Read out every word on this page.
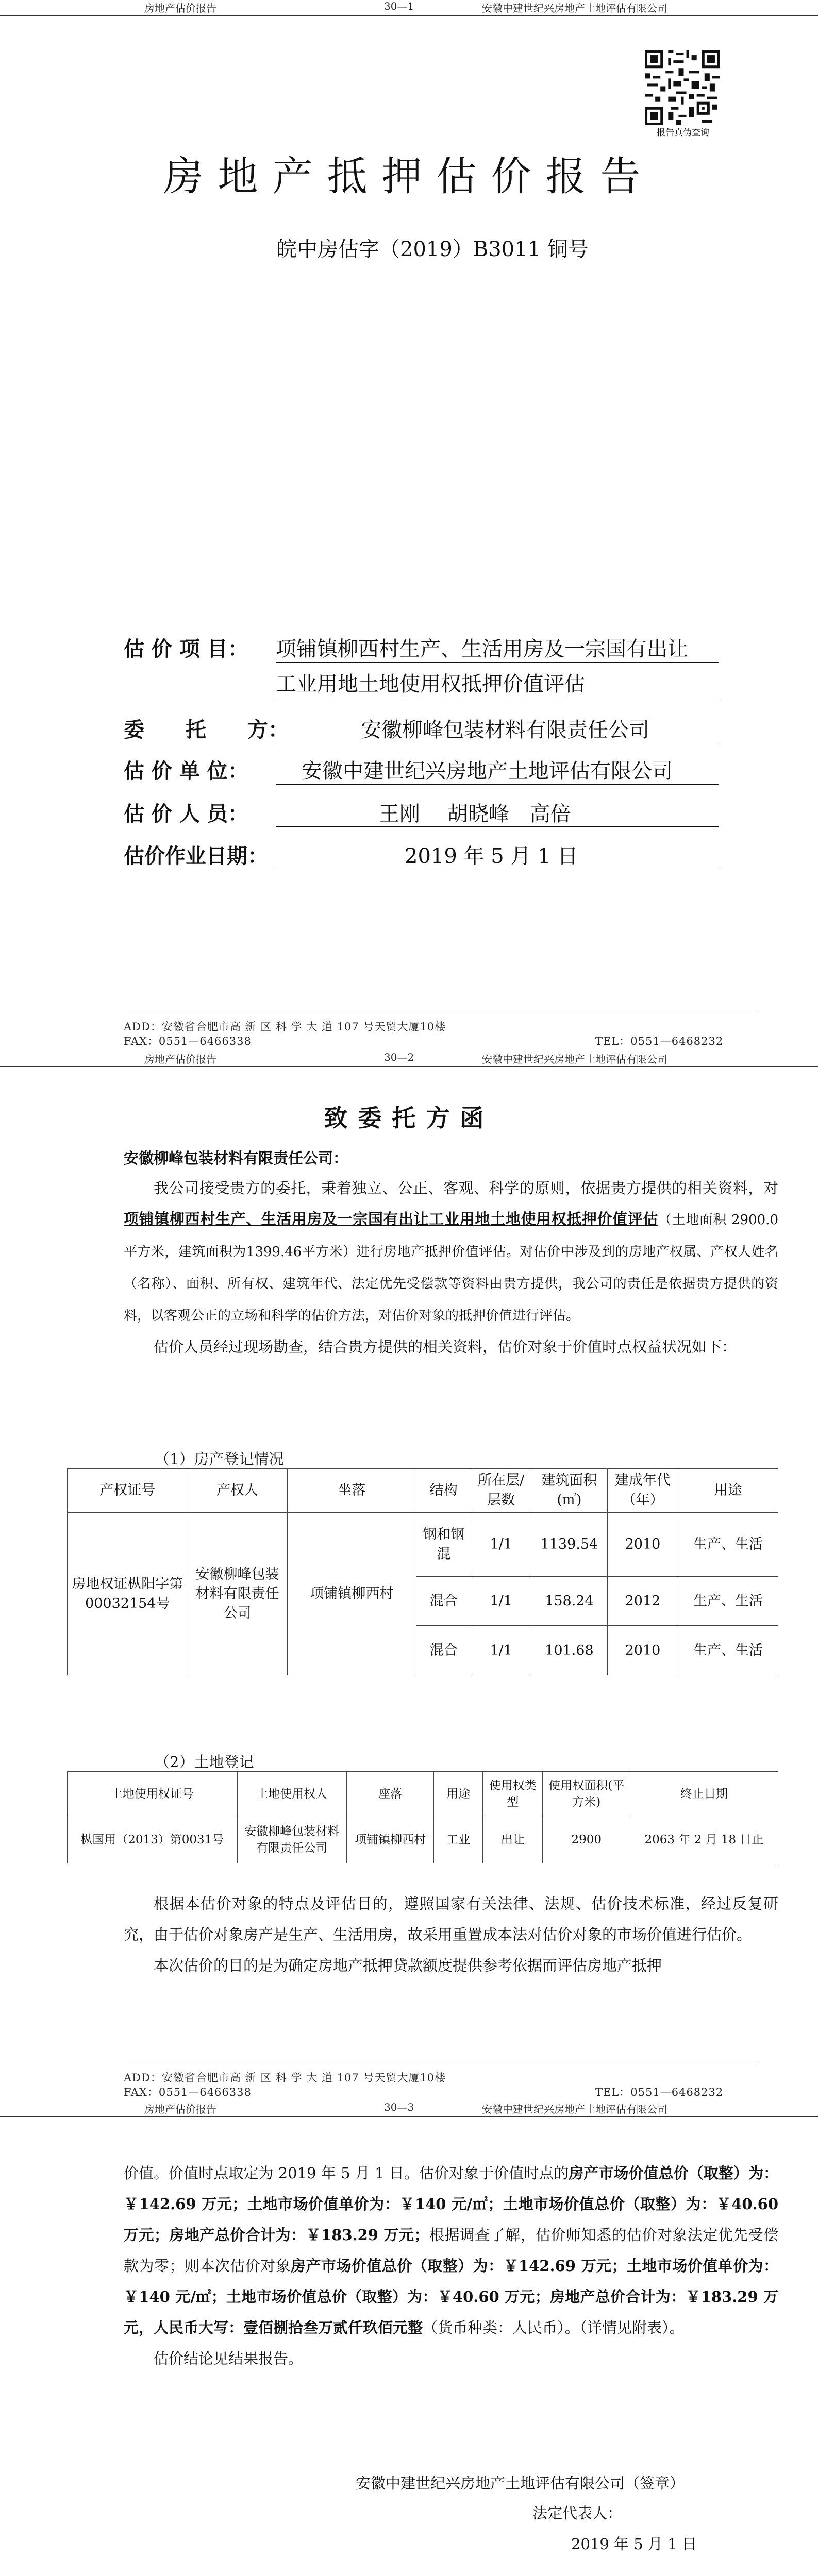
房地产估价报告	30—1	安徽中建世纪兴房地产土地评估有限公司
报告真伪查询
房地产抵押估价报告
皖中房估字（2019）B3011 铜号
估 价 项 目： 项铺镇柳西村生产、生活用房及一宗国有出让
工业用地土地使用权抵押价值评估
委　　托　　方：	安徽柳峰包装材料有限责任公司
估 价 单 位：	安徽中建世纪兴房地产土地评估有限公司
估 价 人 员：	王刚　 胡晓峰　高倍
估价作业日期：	2019 年 5 月 1 日
ADD：安徽省合肥市高 新 区 科 学 大 道 107 号天贸大厦10楼
FAX：0551—6466338	TEL：0551—6468232
房地产估价报告	30—2	安徽中建世纪兴房地产土地评估有限公司
致委托方函
安徽柳峰包装材料有限责任公司：

我公司接受贵方的委托，秉着独立、公正、客观、科学的原则，依据贵方提供的相关资料，对项铺镇柳西村生产、生活用房及一宗国有出让工业用地土地使用权抵押价值评估（土地面积 2900.0 平方米，建筑面积为1399.46平方米）进行房地产抵押价值评估。对估价中涉及到的房地产权属、产权人姓名（名称）、面积、所有权、建筑年代、法定优先受偿款等资料由贵方提供，我公司的责任是依据贵方提供的资料，以客观公正的立场和科学的估价方法，对估价对象的抵押价值进行评估。

估价人员经过现场勘查，结合贵方提供的相关资料，估价对象于价值时点权益状况如下：

（1）房产登记情况
产权证号	产权人	坐落	结构	所在层/层数	建筑面积(㎡)	建成年代（年）	用途
房地权证枞阳字第 00032154号	安徽柳峰包装材料有限责任公司	项铺镇柳西村	钢和钢混	1/1	1139.54	2010	生产、生活
			混合	1/1	158.24	2012	生产、生活
			混合	1/1	101.68	2010	生产、生活
（2）土地登记
土地使用权证号	土地使用权人	座落	用途	使用权类型	使用权面积(平方米)	终止日期
枞国用（2013）第0031号	安徽柳峰包装材料有限责任公司	项铺镇柳西村	工业	出让	2900	2063 年 2 月 18 日止

根据本估价对象的特点及评估目的，遵照国家有关法律、法规、估价技术标准，经过反复研究，由于估价对象房产是生产、生活用房，故采用重置成本法对估价对象的市场价值进行估价。

本次估价的目的是为确定房地产抵押贷款额度提供参考依据而评估房地产抵押

ADD：安徽省合肥市高 新 区 科 学 大 道 107 号天贸大厦10楼
FAX：0551—6466338	TEL：0551—6468232
房地产估价报告	30—3	安徽中建世纪兴房地产土地评估有限公司

价值。价值时点取定为 2019 年 5 月 1 日。估价对象于价值时点的房产市场价值总价（取整）为：￥142.69 万元；土地市场价值单价为：￥140 元/㎡；土地市场价值总价（取整）为：￥40.60 万元；房地产总价合计为：￥183.29 万元；根据调查了解，估价师知悉的估价对象法定优先受偿款为零；则本次估价对象房产市场价值总价（取整）为：￥142.69 万元；土地市场价值单价为：￥140 元/㎡；土地市场价值总价（取整）为：￥40.60 万元；房地产总价合计为：￥183.29 万元，人民币大写：壹佰捌拾叁万贰仟玖佰元整（货币种类：人民币）。（详情见附表）。

估价结论见结果报告。

安徽中建世纪兴房地产土地评估有限公司（签章）
法定代表人：
2019 年 5 月 1 日
